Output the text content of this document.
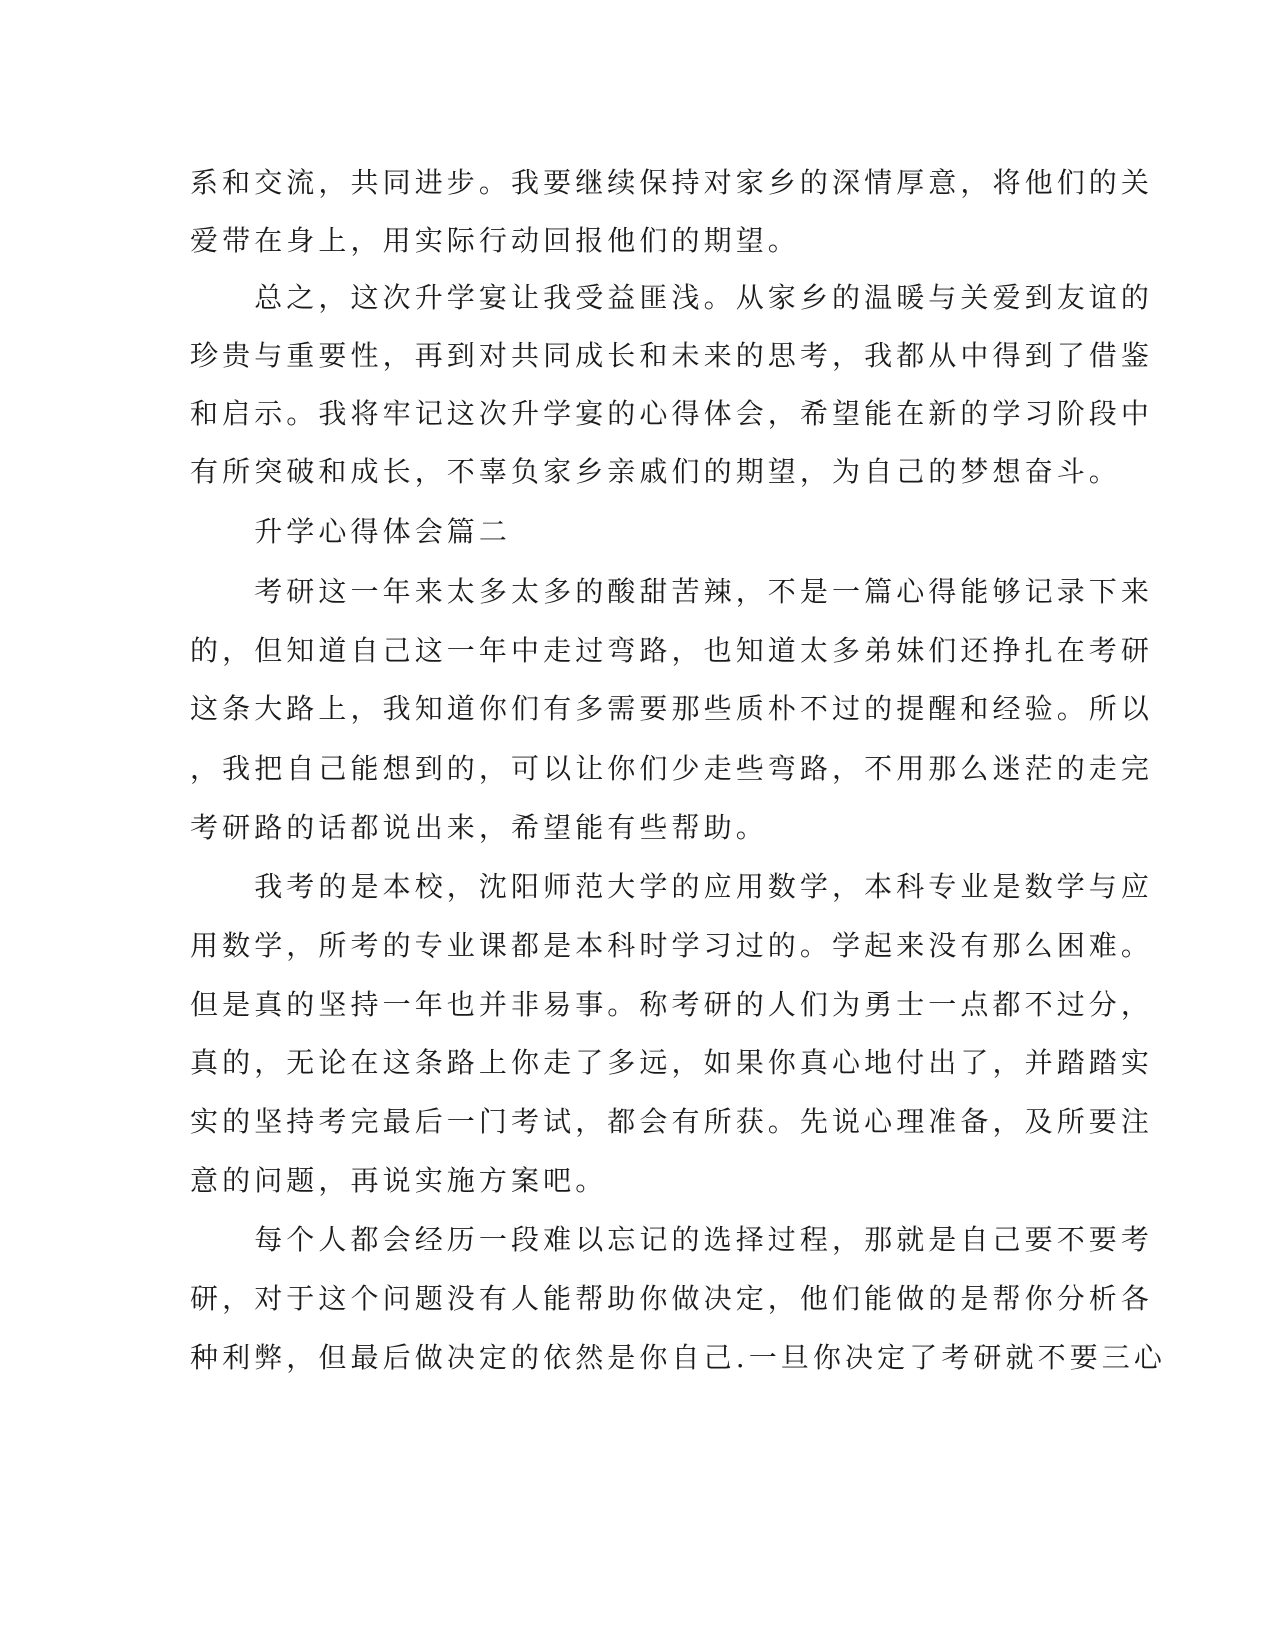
系和交流，共同进步。我要继续保持对家乡的深情厚意，将他们的关
爱带在身上，用实际行动回报他们的期望。
　　总之，这次升学宴让我受益匪浅。从家乡的温暖与关爱到友谊的
珍贵与重要性，再到对共同成长和未来的思考，我都从中得到了借鉴
和启示。我将牢记这次升学宴的心得体会，希望能在新的学习阶段中
有所突破和成长，不辜负家乡亲戚们的期望，为自己的梦想奋斗。
　　升学心得体会篇二
　　考研这一年来太多太多的酸甜苦辣，不是一篇心得能够记录下来
的，但知道自己这一年中走过弯路，也知道太多弟妹们还挣扎在考研
这条大路上，我知道你们有多需要那些质朴不过的提醒和经验。所以
，我把自己能想到的，可以让你们少走些弯路，不用那么迷茫的走完
考研路的话都说出来，希望能有些帮助。
　　我考的是本校，沈阳师范大学的应用数学，本科专业是数学与应
用数学，所考的专业课都是本科时学习过的。学起来没有那么困难。
但是真的坚持一年也并非易事。称考研的人们为勇士一点都不过分，
真的，无论在这条路上你走了多远，如果你真心地付出了，并踏踏实
实的坚持考完最后一门考试，都会有所获。先说心理准备，及所要注
意的问题，再说实施方案吧。
　　每个人都会经历一段难以忘记的选择过程，那就是自己要不要考
研，对于这个问题没有人能帮助你做决定，他们能做的是帮你分析各
种利弊，但最后做决定的依然是你自己.一旦你决定了考研就不要三心
